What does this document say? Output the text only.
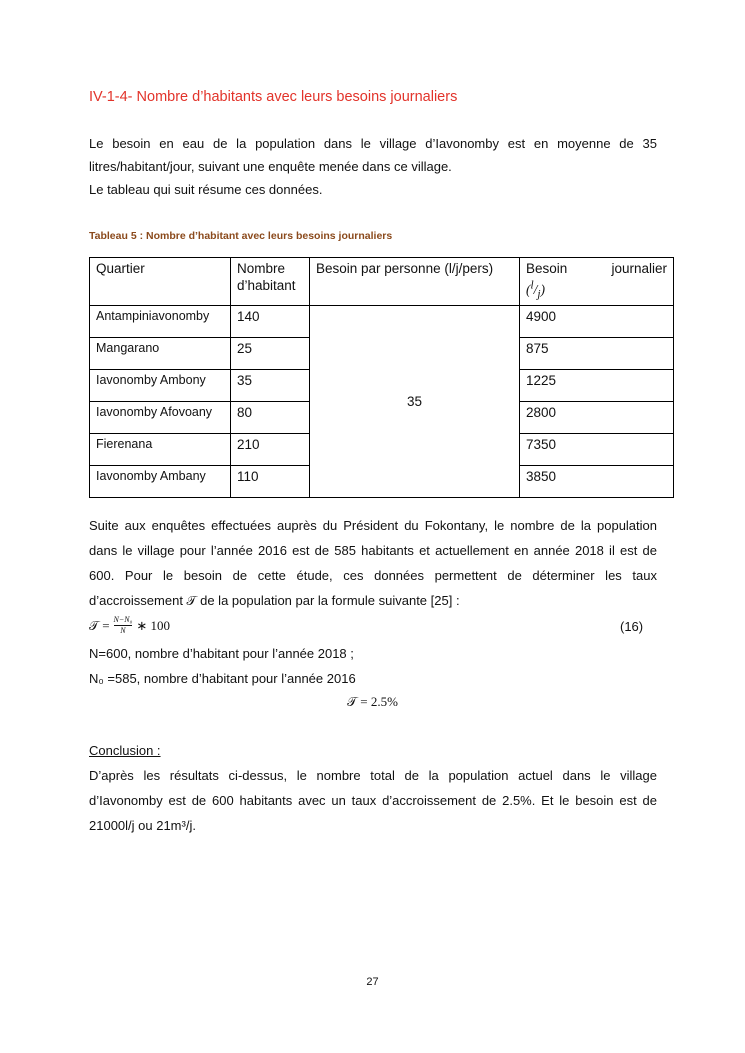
IV-1-4- Nombre d’habitants avec leurs besoins journaliers
Le besoin en eau de la population dans le village d’Iavonomby est en moyenne de 35
litres/habitant/jour, suivant une enquête menée dans ce village.
Le tableau qui suit résume ces données.
Tableau 5 : Nombre d’habitant avec leurs besoins journaliers
Quartier	Nombre d’habitant	Besoin par personne (l/j/pers)	Besoin journalier
$(^l/_j)$
Antampiniavonomby	140	35	4900
Mangarano	25		875
Iavonomby Ambony	35		1225
Iavonomby Afovoany	80		2800
Fierenana	210		7350
Iavonomby Ambany	110		3850
Suite aux enquêtes effectuées auprès du Président du Fokontany, le nombre de la population
dans le village pour l’année 2016 est de 585 habitants et actuellement en année 2018 il est de
600. Pour le besoin de cette étude, ces données permettent de déterminer les taux
d’accroissement 𝒯 de la population par la formule suivante [25] :
𝒯 = $\frac{\text{N−N₀}}{N}$ ∗ 100	(16)
N=600, nombre d’habitant pour l’année 2018 ;
N₀ =585, nombre d’habitant pour l’année 2016
𝒯 = 2.5%
Conclusion :
D’après les résultats ci-dessus, le nombre total de la population actuel dans le village
d’Iavonomby est de 600 habitants avec un taux d’accroissement de 2.5%. Et le besoin est de
21000l/j ou 21m³/j.
27
